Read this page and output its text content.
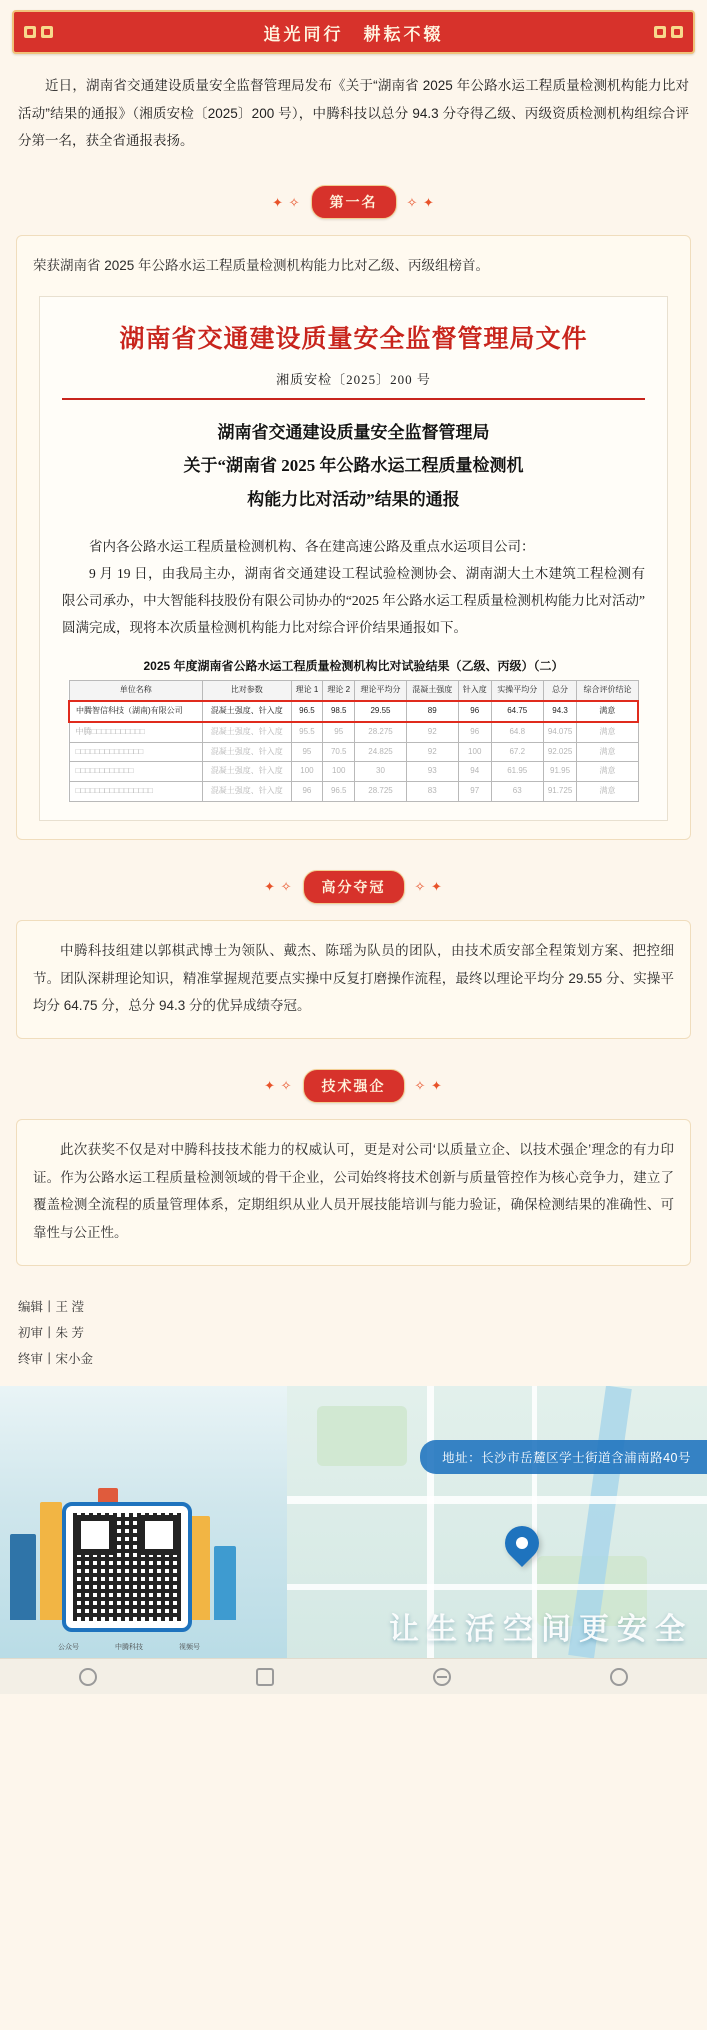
追光同行　耕耘不辍
近日，湖南省交通建设质量安全监督管理局发布《关于“湖南省 2025 年公路水运工程质量检测机构能力比对活动”结果的通报》（湘质安检〔2025〕200 号），中腾科技以总分 94.3 分夺得乙级、丙级资质检测机构组综合评分第一名，获全省通报表扬。
✦ ✧	第一名	✧ ✦

荣获湖南省 2025 年公路水运工程质量检测机构能力比对乙级、丙级组榜首。

湖南省交通建设质量安全监督管理局文件
湘质安检〔2025〕200 号
湖南省交通建设质量安全监督管理局
关于“湖南省 2025 年公路水运工程质量检测机
构能力比对活动”结果的通报
省内各公路水运工程质量检测机构、各在建高速公路及重点水运项目公司：
9 月 19 日，由我局主办，湖南省交通建设工程试验检测协会、湖南湖大土木建筑工程检测有限公司承办，中大智能科技股份有限公司协办的“2025 年公路水运工程质量检测机构能力比对活动”圆满完成，现将本次质量检测机构能力比对综合评价结果通报如下。
2025 年度湖南省公路水运工程质量检测机构比对试验结果（乙级、丙级）（二）
单位名称	比对参数	理论 1	理论 2	理论平均分	混凝土强度	针入度	实操平均分	总分	综合评价结论
中腾智信科技（湖南)有限公司	混凝土强度、针入度	96.5	98.5	29.55	89	96	64.75	94.3	满意
中腾□□□□□□□□□□□	混凝土强度、针入度	95.5	95	28.275	92	96	64.8	94.075	满意
□□□□□□□□□□□□□□	混凝土强度、针入度	95	70.5	24.825	92	100	67.2	92.025	满意
□□□□□□□□□□□□	混凝土强度、针入度	100	100	30	93	94	61.95	91.95	满意
□□□□□□□□□□□□□□□□	混凝土强度、针入度	96	96.5	28.725	83	97	63	91.725	满意
✦ ✧	高分夺冠	✧ ✦

中腾科技组建以郭棋武博士为领队、戴杰、陈瑶为队员的团队，由技术质安部全程策划方案、把控细节。团队深耕理论知识，精准掌握规范要点实操中反复打磨操作流程，最终以理论平均分 29.55 分、实操平均分 64.75 分，总分 94.3 分的优异成绩夺冠。

✦ ✧	技术强企	✧ ✦

此次获奖不仅是对中腾科技技术能力的权威认可，更是对公司‘以质量立企、以技术强企’理念的有力印证。作为公路水运工程质量检测领域的骨干企业，公司始终将技术创新与质量管控作为核心竞争力，建立了覆盖检测全流程的质量管理体系，定期组织从业人员开展技能培训与能力验证，确保检测结果的准确性、可靠性与公正性。

编辑丨王 滢
初审丨朱 芳
终审丨宋小金
地址：长沙市岳麓区学士街道含浦南路40号
公众号	中腾科技	视频号
让生活空间更安全
